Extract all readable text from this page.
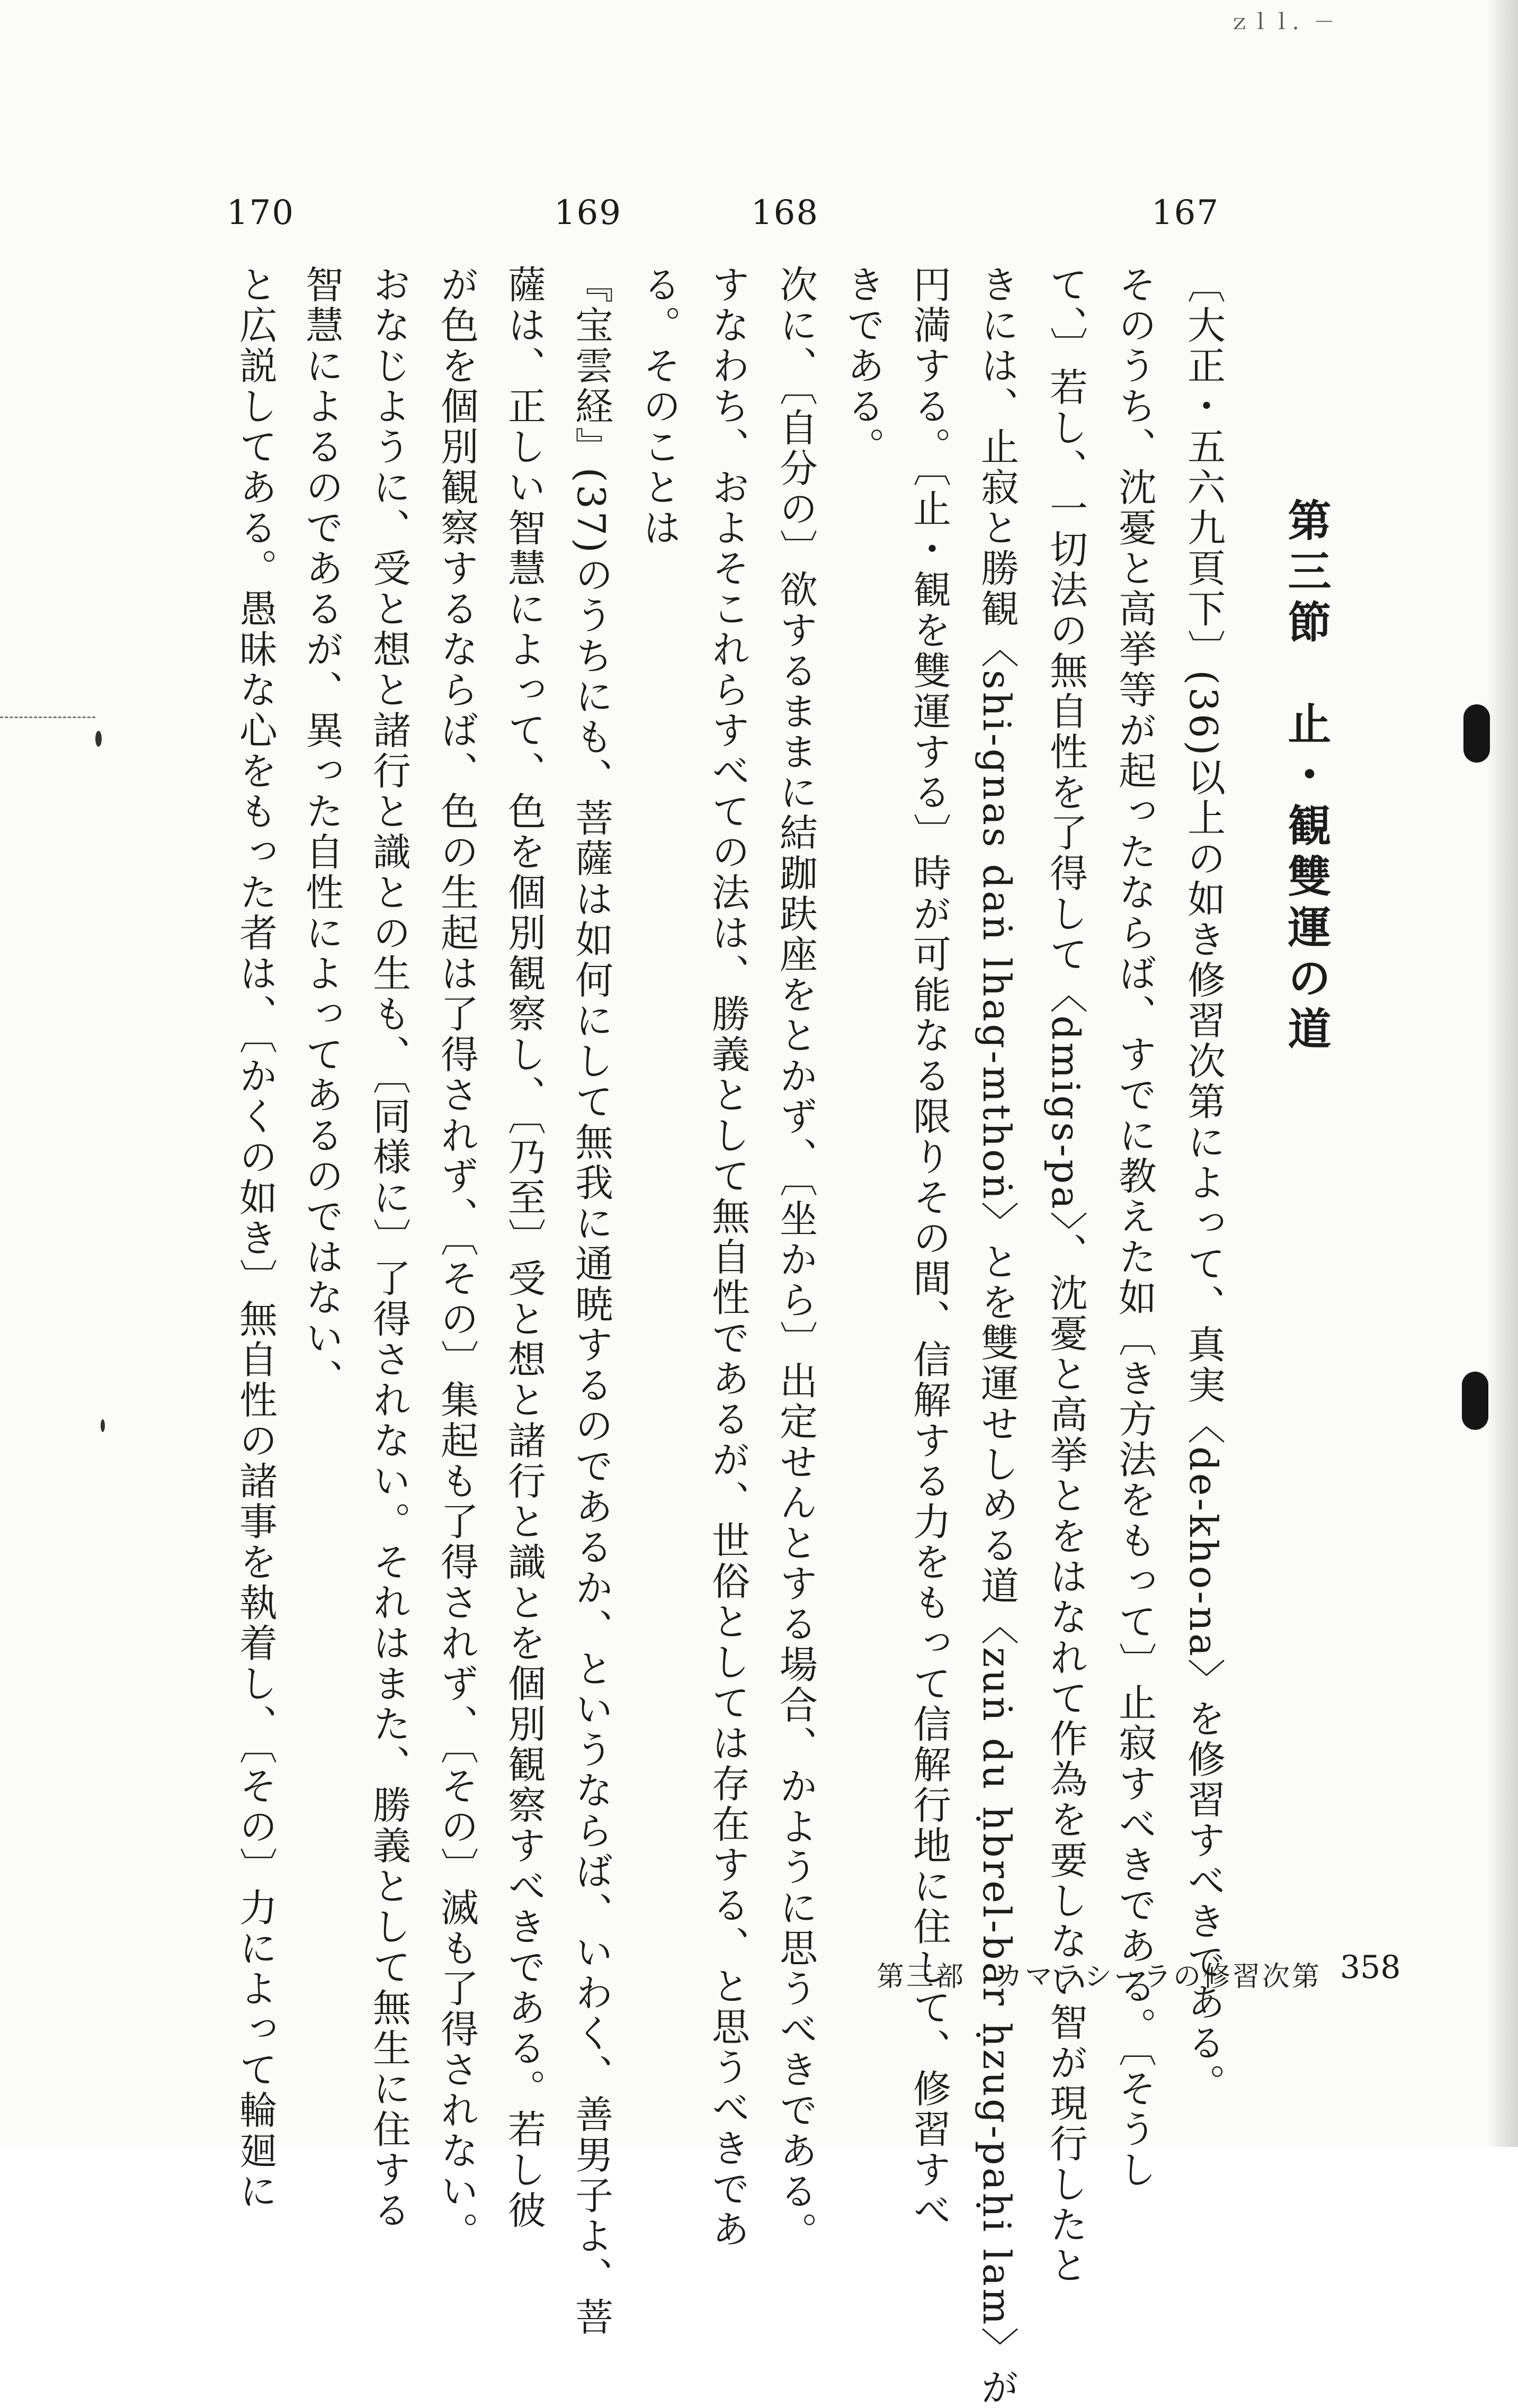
ｚｌｌ．－
167
168
169
170
第三節　止・観雙運の道
〔大正・五六九頁下〕(36)以上の如き修習次第によって、真実〈de-kho-na〉を修習すべきである。
そのうち、沈憂と高挙等が起ったならば、すでに教えた如〔き方法をもって〕止寂すべきである。〔そうし
て、〕若し、一切法の無自性を了得して〈dmigs-pa〉、沈憂と高挙とをはなれて作為を要しない智が現行したと
きには、止寂と勝観〈shi-gnas daṅ lhag-mthoṅ〉とを雙運せしめる道〈zuṅ du ḥbrel-bar ḥzug-paḥi lam〉が
円満する。〔止・観を雙運する〕時が可能なる限りその間、信解する力をもって信解行地に住して、修習すべ
きである。
次に、〔自分の〕欲するままに結跏趺座をとかず、〔坐から〕出定せんとする場合、かように思うべきである。
すなわち、およそこれらすべての法は、勝義として無自性であるが、世俗としては存在する、と思うべきであ
る。そのことは
『宝雲経』(37)のうちにも、菩薩は如何にして無我に通暁するのであるか、というならば、いわく、善男子よ、菩
薩は、正しい智慧によって、色を個別観察し、〔乃至〕受と想と諸行と識とを個別観察すべきである。若し彼
が色を個別観察するならば、色の生起は了得されず、〔その〕集起も了得されず、〔その〕滅も了得されない。
おなじように、受と想と諸行と識との生も、〔同様に〕了得されない。それはまた、勝義として無生に住する
智慧によるのであるが、異った自性によってあるのではない、
と広説してある。愚昧な心をもった者は、〔かくの如き〕無自性の諸事を執着し、〔その〕力によって輪廻に	第三部　カマラシーラの修習次第 358
